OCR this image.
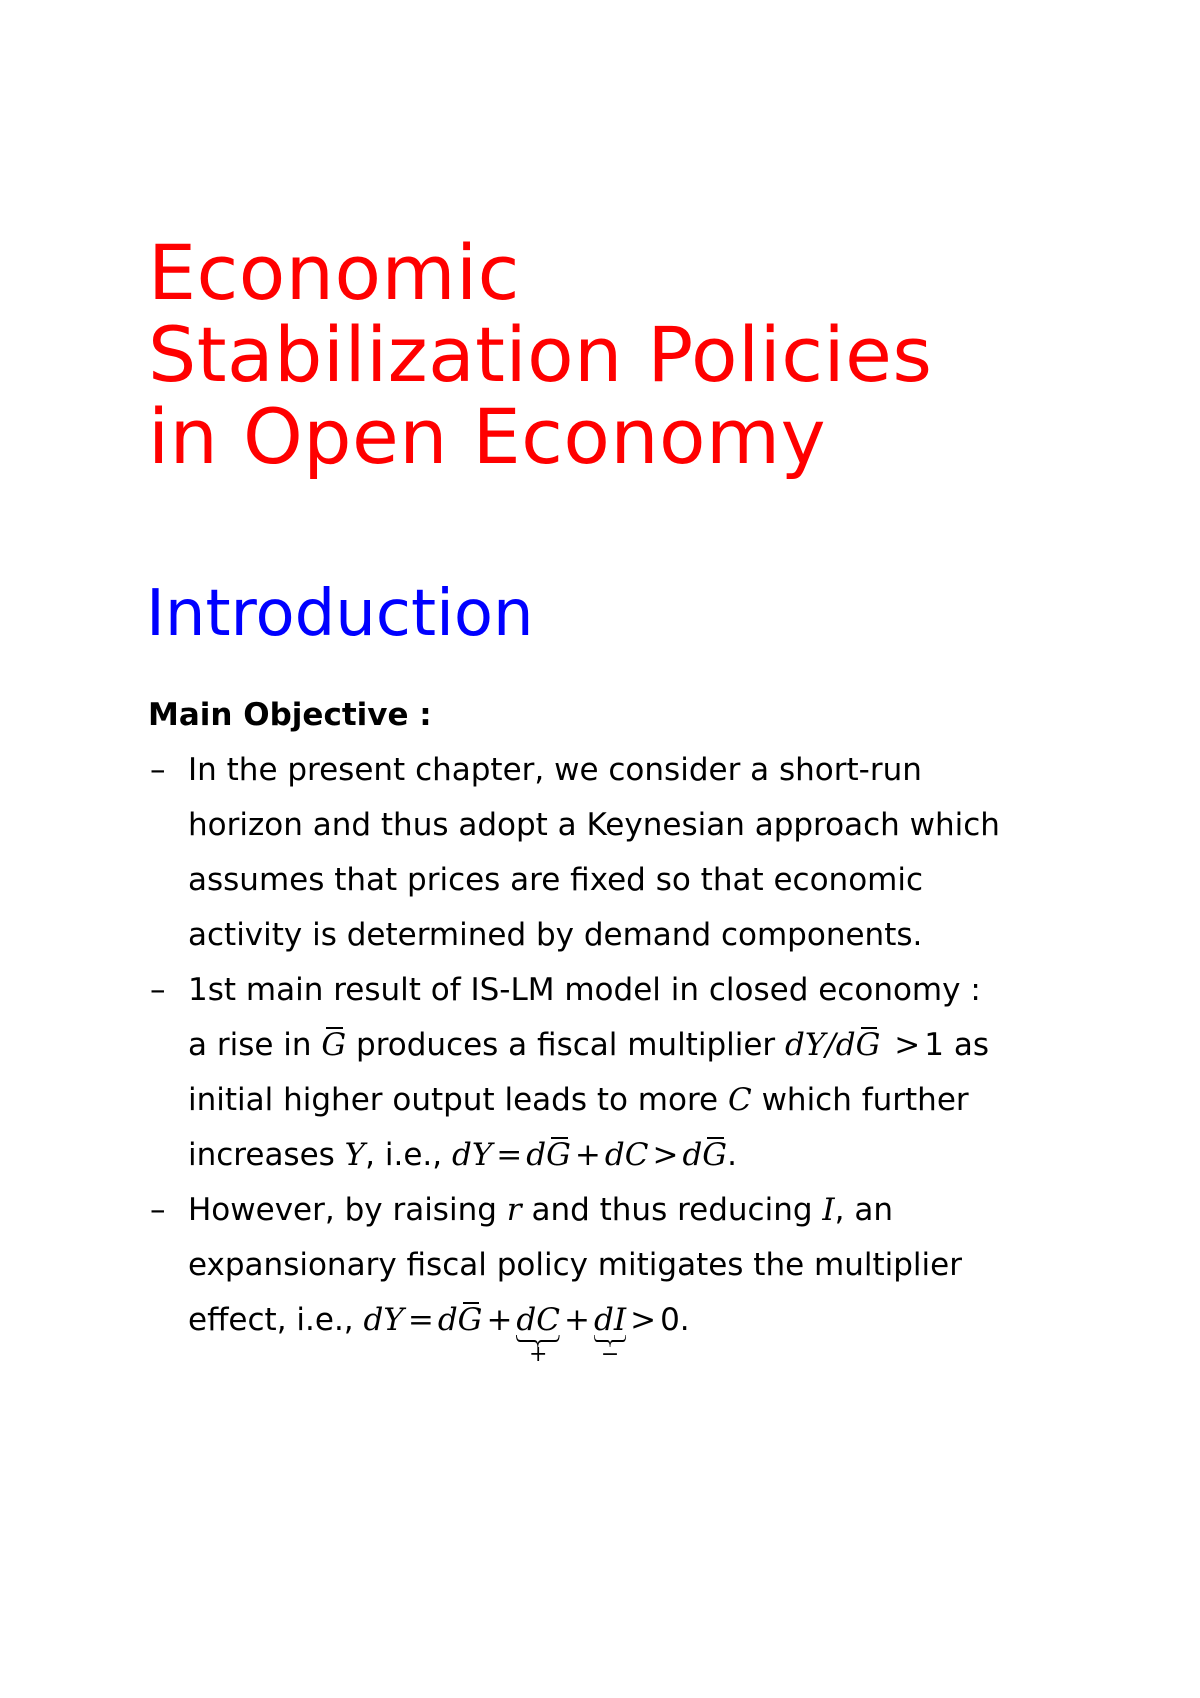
Economic
Stabilization Policies
in Open Economy
Introduction
Main Objective :
– In the present chapter, we consider a short-run
horizon and thus adopt a Keynesian approach which
assumes that prices are fixed so that economic
activity is determined by demand components.
– 1st main result of IS-LM model in closed economy :
a rise in G produces a fiscal multiplier dY/dG > 1 as
initial higher output leads to more C which further
increases Y, i.e., dY = dG + dC > dG.
– However, by raising r and thus reducing I, an
expansionary fiscal policy mitigates the multiplier
effect, i.e., dY = dG + dC
+
+ dI
−
> 0.
